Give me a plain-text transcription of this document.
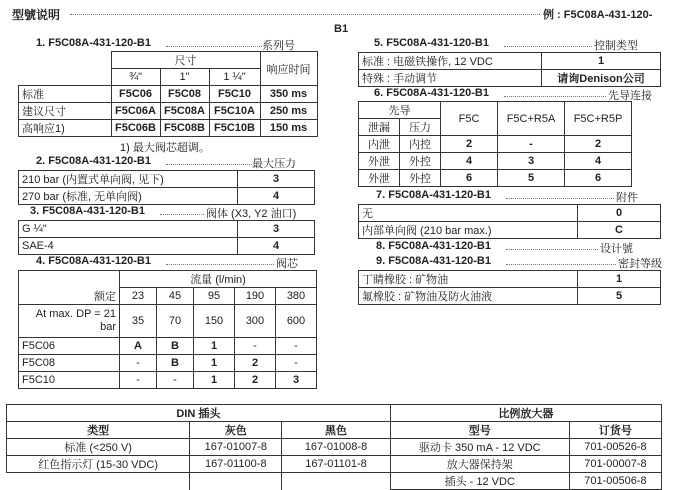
型號说明	例 : F5C08A-431-120-
B1
1. F5C08A-431-120-B1	系列号
	尺寸			响应时间
	¾"	1"	1 ¼"	
标准	F5C06	F5C08	F5C10	350 ms
建议尺寸	F5C06A	F5C08A	F5C10A	250 ms
高响应1)	F5C06B	F5C08B	F5C10B	150 ms
1) 最大阀芯超调。
2. F5C08A-431-120-B1	最大压力
210 bar (内置式单向阀, 见下)	3
270 bar (标准, 无单向阀)	4
3. F5C08A-431-120-B1	阀体 (X3, Y2 油口)
G ¼"	3
SAE-4	4
4. F5C08A-431-120-B1	阀芯
	流量 (l/min)				
额定	23	45	95	190	380
At max. DP = 21
bar	35	70	150	300	600
F5C06	A	B	1	-	-
F5C08	-	B	1	2	-
F5C10	-	-	1	2	3
5. F5C08A-431-120-B1	控制类型
标准 : 电磁铁操作, 12 VDC	1
特殊 : 手动调节	请询Denison公司
6. F5C08A-431-120-B1	先导连接
先导		F5C	F5C+R5A	F5C+R5P
泄漏	压力			
内泄	内控	2	-	2
外泄	外控	4	3	4
外泄	外控	6	5	6
7. F5C08A-431-120-B1	附件
无	0
内部单向阀 (210 bar max.)	C
8. F5C08A-431-120-B1	设计號
9. F5C08A-431-120-B1	密封等级
丁睛橡胶 : 矿物油	1
氟橡胶 : 矿物油及防火油液	5
DIN 插头			比例放大器	
类型	灰色	黑色	型号	订货号
标准 (<250 V)	167-01007-8	167-01008-8	驱动卡 350 mA - 12 VDC	701-00526-8
红色指示灯 (15-30 VDC)	167-01100-8	167-01101-8	放大器保持架	701-00007-8
			插头 - 12 VDC	701-00506-8
